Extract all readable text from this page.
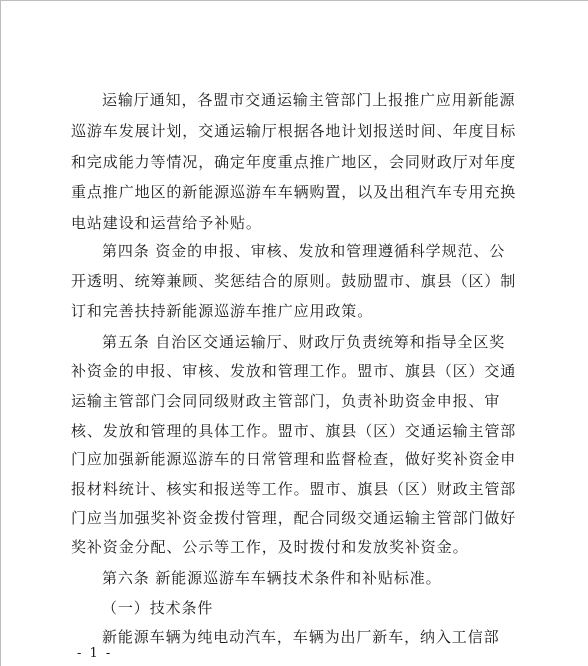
运输厅通知，各盟市交通运输主管部门上报推广应用新能源
巡游车发展计划，交通运输厅根据各地计划报送时间、年度目标
和完成能力等情况，确定年度重点推广地区，会同财政厅对年度
重点推广地区的新能源巡游车车辆购置，以及出租汽车专用充换
电站建设和运营给予补贴。
第四条 资金的申报、审核、发放和管理遵循科学规范、公
开透明、统筹兼顾、奖惩结合的原则。鼓励盟市、旗县（区）制
订和完善扶持新能源巡游车推广应用政策。
第五条 自治区交通运输厅、财政厅负责统筹和指导全区奖
补资金的申报、审核、发放和管理工作。盟市、旗县（区）交通
运输主管部门会同同级财政主管部门，负责补助资金申报、审
核、发放和管理的具体工作。盟市、旗县（区）交通运输主管部
门应加强新能源巡游车的日常管理和监督检查，做好奖补资金申
报材料统计、核实和报送等工作。盟市、旗县（区）财政主管部
门应当加强奖补资金拨付管理，配合同级交通运输主管部门做好
奖补资金分配、公示等工作，及时拨付和发放奖补资金。
第六条 新能源巡游车车辆技术条件和补贴标准。
（一）技术条件
新能源车辆为纯电动汽车，车辆为出厂新车，纳入工信部
- 1 -
